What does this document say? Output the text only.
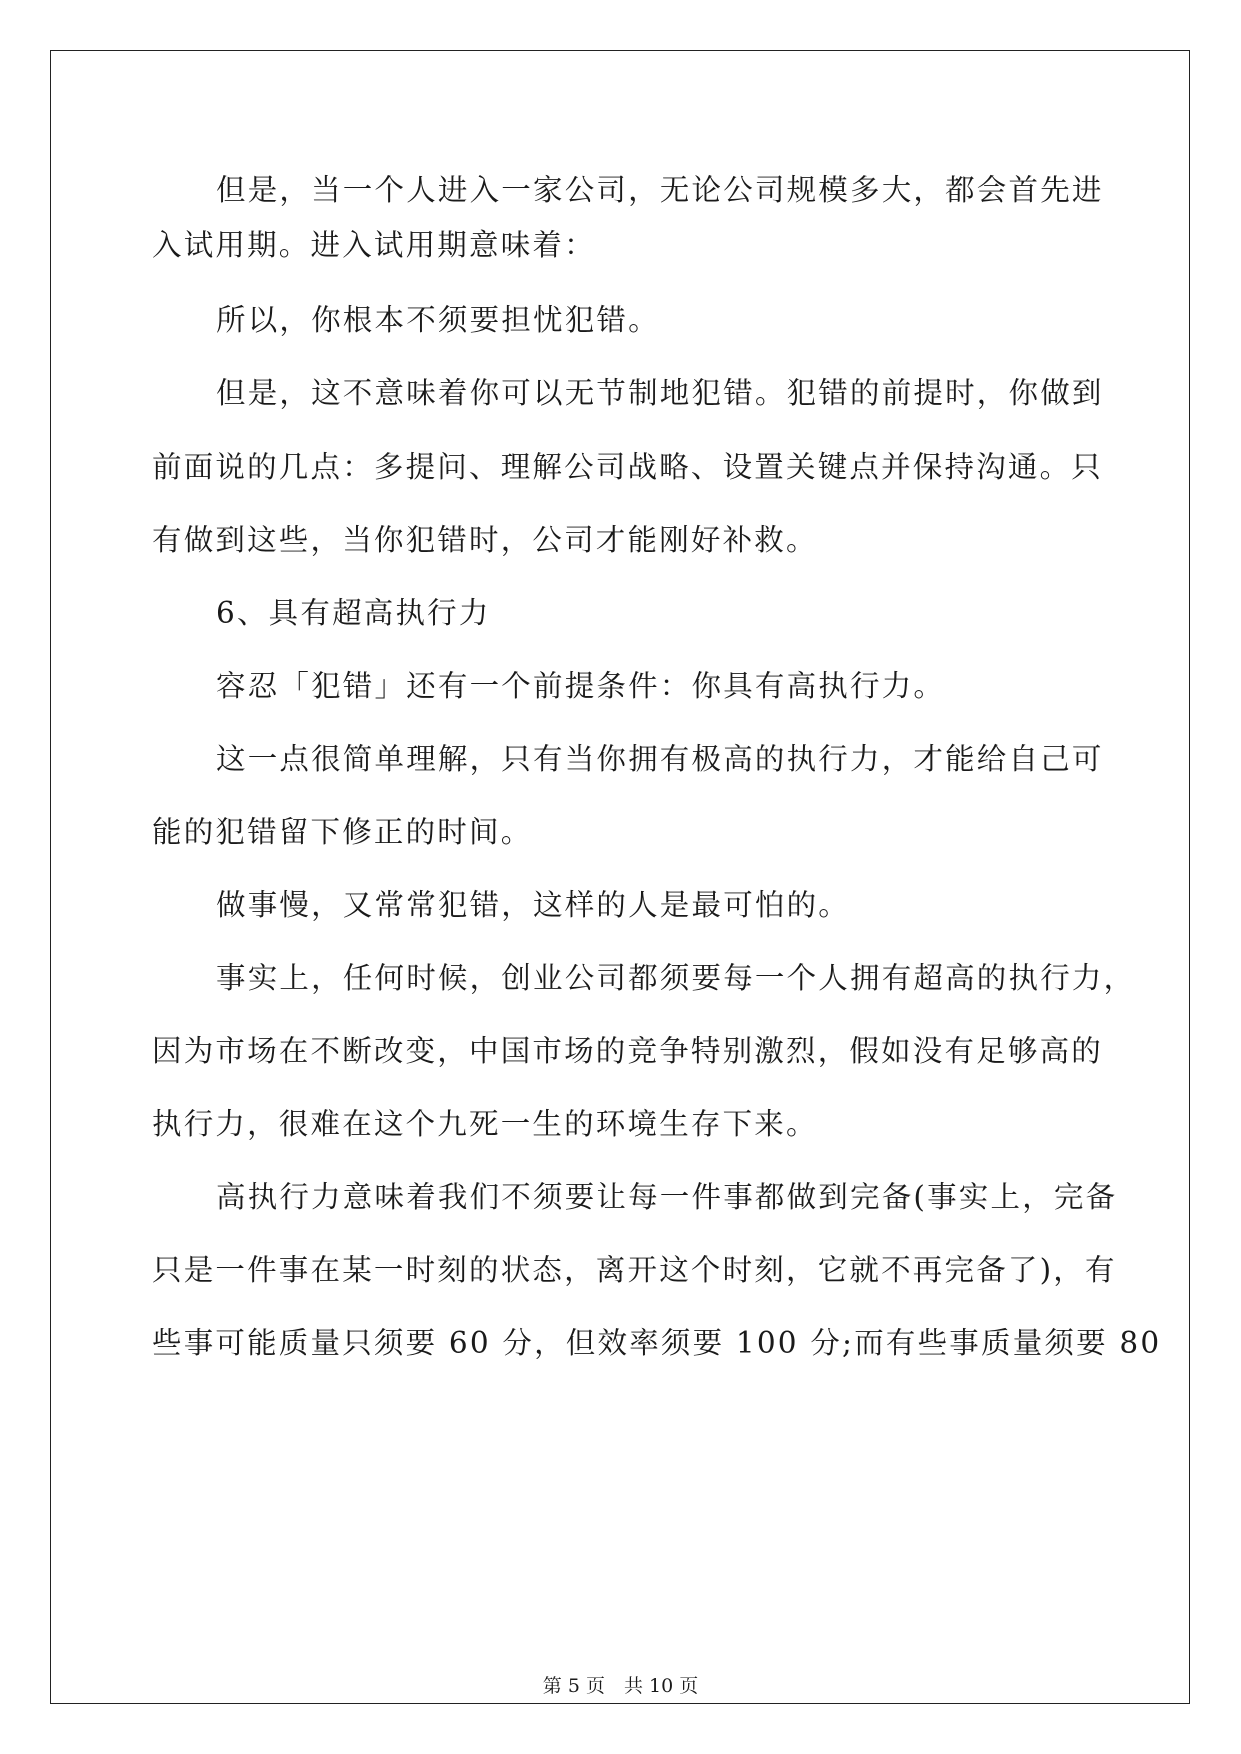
但是，当一个人进入一家公司，无论公司规模多大，都会首先进
入试用期。进入试用期意味着：
所以，你根本不须要担忧犯错。
但是，这不意味着你可以无节制地犯错。犯错的前提时，你做到
前面说的几点：多提问、理解公司战略、设置关键点并保持沟通。只
有做到这些，当你犯错时，公司才能刚好补救。
6、具有超高执行力
容忍「犯错」还有一个前提条件：你具有高执行力。
这一点很简单理解，只有当你拥有极高的执行力，才能给自己可
能的犯错留下修正的时间。
做事慢，又常常犯错，这样的人是最可怕的。
事实上，任何时候，创业公司都须要每一个人拥有超高的执行力，
因为市场在不断改变，中国市场的竞争特别激烈，假如没有足够高的
执行力，很难在这个九死一生的环境生存下来。
高执行力意味着我们不须要让每一件事都做到完备(事实上，完备
只是一件事在某一时刻的状态，离开这个时刻，它就不再完备了)，有
些事可能质量只须要 60 分，但效率须要 100 分;而有些事质量须要 80
第 5 页　共 10 页
